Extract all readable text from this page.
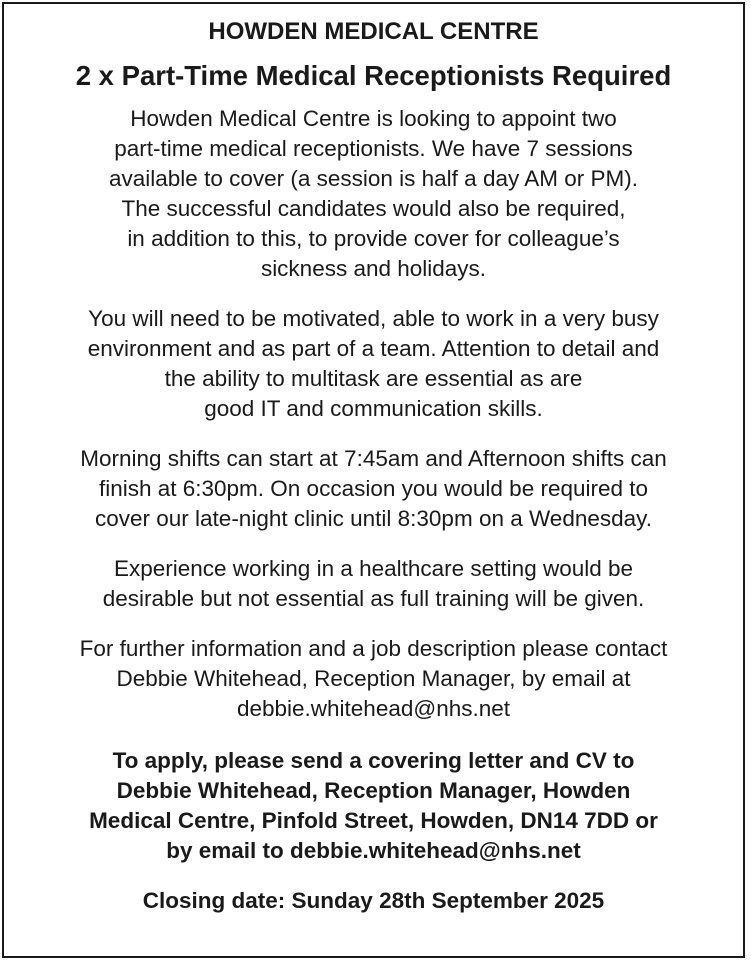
HOWDEN MEDICAL CENTRE
2 x Part-Time Medical Receptionists Required

Howden Medical Centre is looking to appoint two
part-time medical receptionists. We have 7 sessions
available to cover (a session is half a day AM or PM).
The successful candidates would also be required,
in addition to this, to provide cover for colleague’s
sickness and holidays.

You will need to be motivated, able to work in a very busy
environment and as part of a team. Attention to detail and
the ability to multitask are essential as are
good IT and communication skills.

Morning shifts can start at 7:45am and Afternoon shifts can
finish at 6:30pm. On occasion you would be required to
cover our late-night clinic until 8:30pm on a Wednesday.

Experience working in a healthcare setting would be
desirable but not essential as full training will be given.

For further information and a job description please contact
Debbie Whitehead, Reception Manager, by email at
debbie.whitehead@nhs.net

To apply, please send a covering letter and CV to
Debbie Whitehead, Reception Manager, Howden
Medical Centre, Pinfold Street, Howden, DN14 7DD or
by email to debbie.whitehead@nhs.net

Closing date: Sunday 28th September 2025
